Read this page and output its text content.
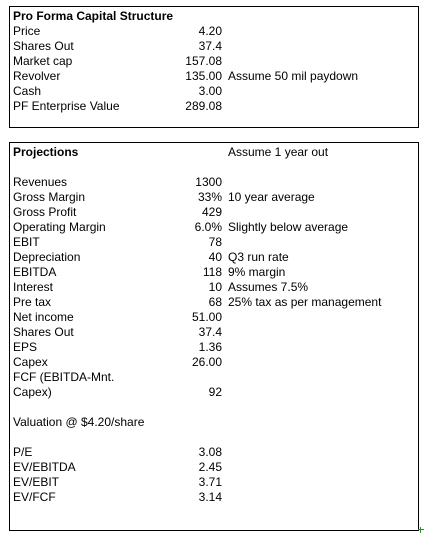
Pro Forma Capital Structure
Price	4.20
Shares Out	37.4
Market cap	157.08
Revolver	135.00 Assume 50 mil paydown
Cash	3.00
PF Enterprise Value	289.08
Projections	Assume 1 year out
Valuation @ $4.20/share
Revenues	1300
Gross Margin	33% 10 year average
Gross Profit	429
Operating Margin	6.0% Slightly below average
EBIT	78
Depreciation	40 Q3 run rate
EBITDA	118 9% margin
Interest	10 Assumes 7.5%
Pre tax	68 25% tax as per management
Net income	51.00
Shares Out	37.4
EPS	1.36
Capex	26.00
FCF (EBITDA-Mnt.
Capex)	92
P/E	3.08
EV/EBITDA	2.45
EV/EBIT	3.71
EV/FCF	3.14
